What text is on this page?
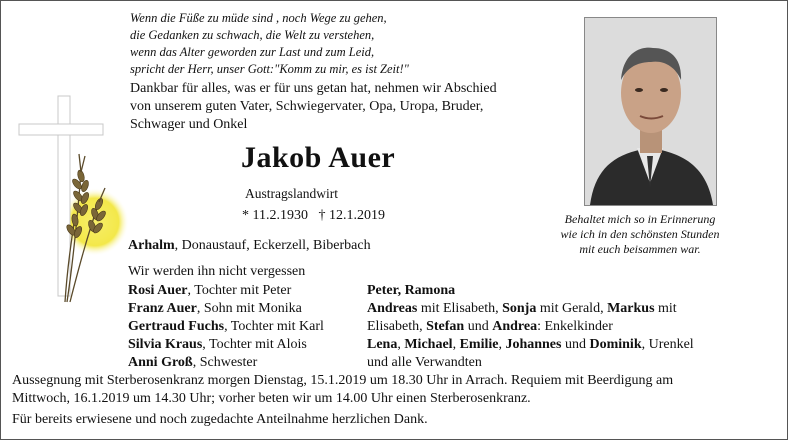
Wenn die Füße zu müde sind , noch Wege zu gehen,
die Gedanken zu schwach, die Welt zu verstehen,
wenn das Alter geworden zur Last und zum Leid,
spricht der Herr, unser Gott:"Komm zu mir, es ist Zeit!"
Dankbar für alles, was er für uns getan hat, nehmen wir Abschied
von unserem guten Vater, Schwiegervater, Opa, Uropa, Bruder,
Schwager und Onkel
Jakob Auer
Austragslandwirt
* 11.2.1930 † 12.1.2019
Arhalm, Donaustauf, Eckerzell, Biberbach
Wir werden ihn nicht vergessen
Rosi Auer, Tochter mit Peter
Franz Auer, Sohn mit Monika
Gertraud Fuchs, Tochter mit Karl
Silvia Kraus, Tochter mit Alois
Anni Groß, Schwester
Peter, Ramona
Andreas mit Elisabeth, Sonja mit Gerald, Markus mit
Elisabeth, Stefan und Andrea: Enkelkinder
Lena, Michael, Emilie, Johannes und Dominik, Urenkel
und alle Verwandten
Aussegnung mit Sterberosenkranz morgen Dienstag, 15.1.2019 um 18.30 Uhr in Arrach. Requiem mit Beerdigung am
Mittwoch, 16.1.2019 um 14.30 Uhr; vorher beten wir um 14.00 Uhr einen Sterberosenkranz.
Für bereits erwiesene und noch zugedachte Anteilnahme herzlichen Dank.
Behaltet mich so in Erinnerung
wie ich in den schönsten Stunden
mit euch beisammen war.
